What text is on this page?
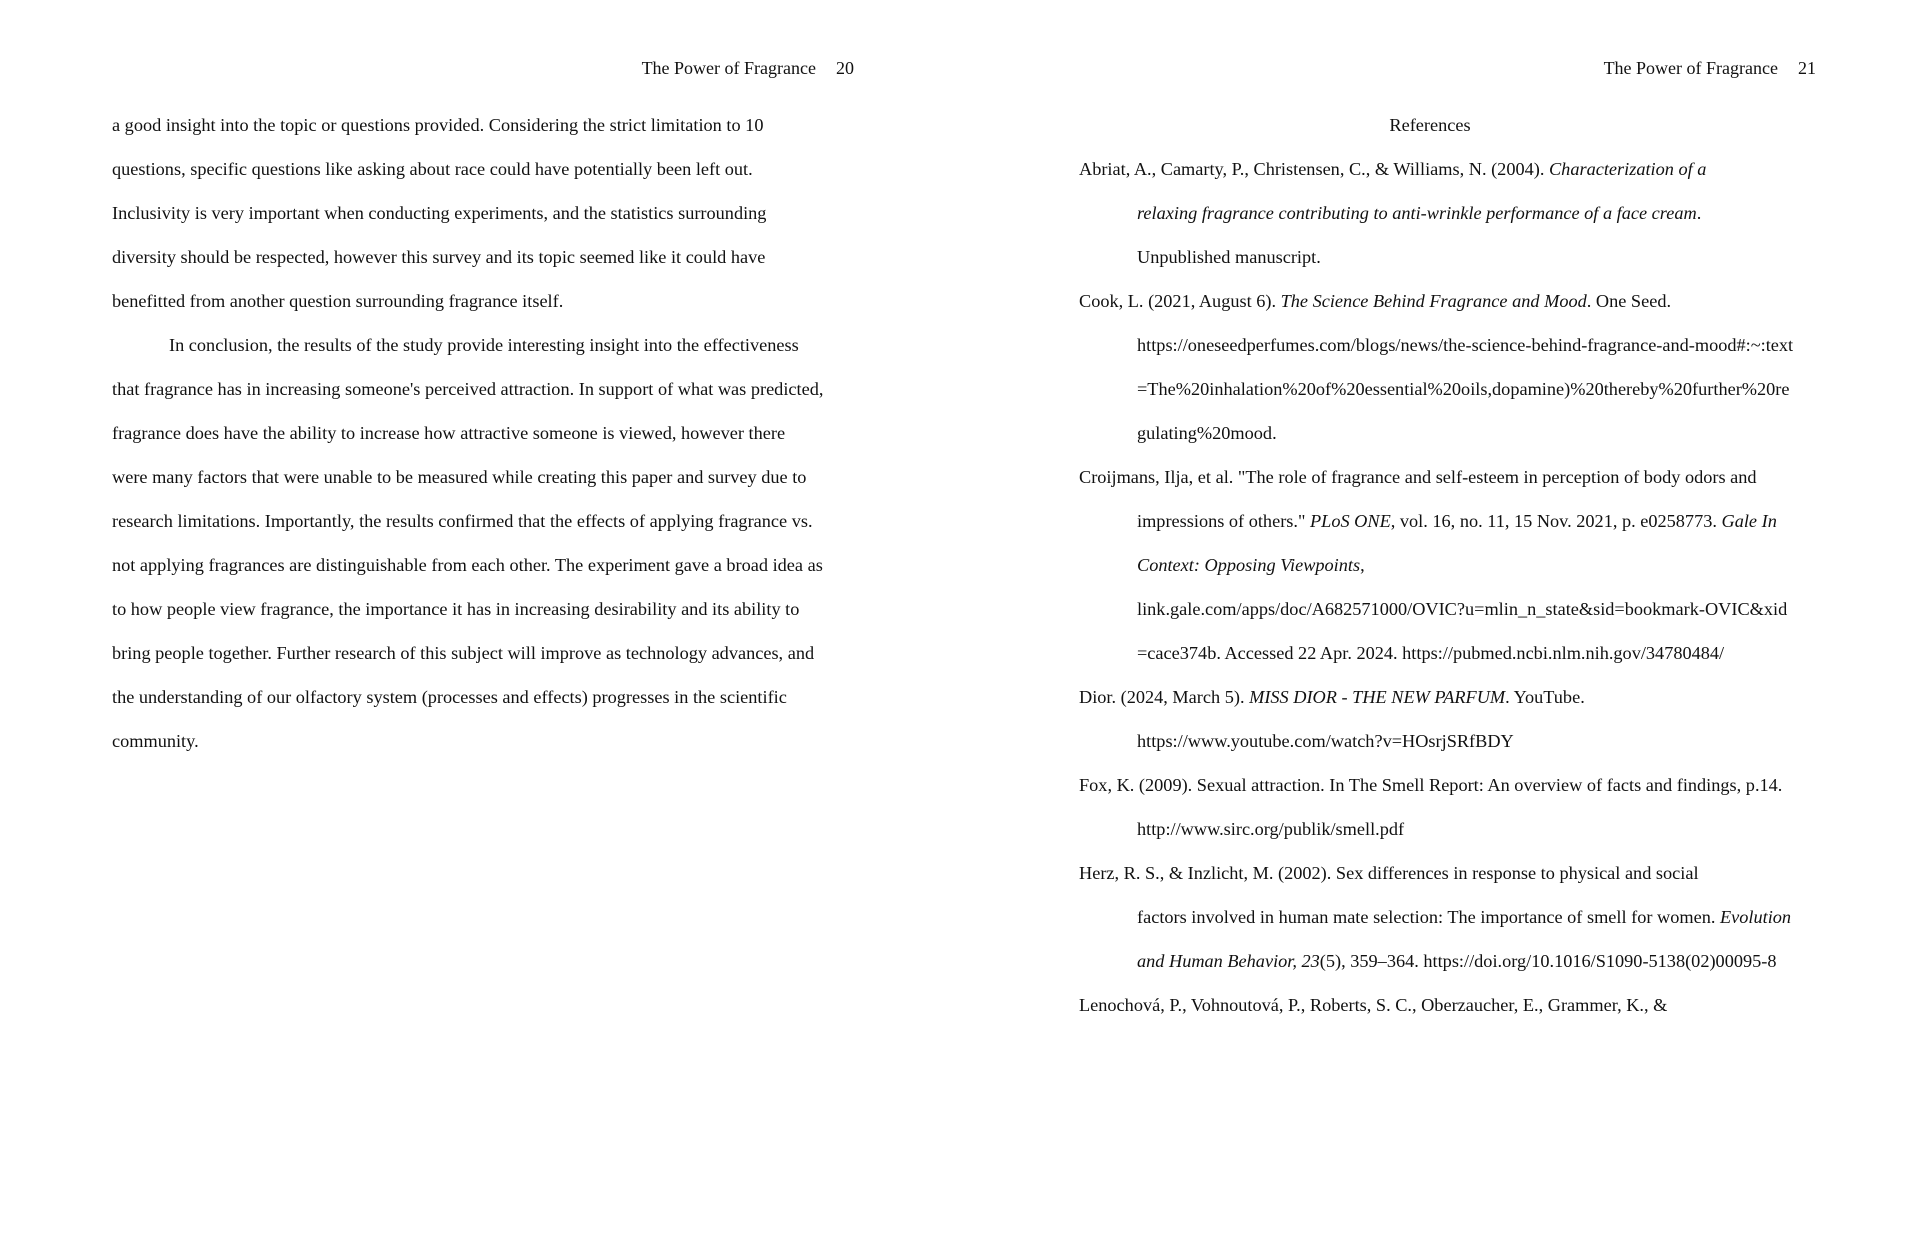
The Power of Fragrance 20
a good insight into the topic or questions provided. Considering the strict limitation to 10
questions, specific questions like asking about race could have potentially been left out.
Inclusivity is very important when conducting experiments, and the statistics surrounding
diversity should be respected, however this survey and its topic seemed like it could have
benefitted from another question surrounding fragrance itself.
In conclusion, the results of the study provide interesting insight into the effectiveness
that fragrance has in increasing someone's perceived attraction. In support of what was predicted,
fragrance does have the ability to increase how attractive someone is viewed, however there
were many factors that were unable to be measured while creating this paper and survey due to
research limitations. Importantly, the results confirmed that the effects of applying fragrance vs.
not applying fragrances are distinguishable from each other. The experiment gave a broad idea as
to how people view fragrance, the importance it has in increasing desirability and its ability to
bring people together. Further research of this subject will improve as technology advances, and
the understanding of our olfactory system (processes and effects) progresses in the scientific
community.
The Power of Fragrance 21
References
Abriat, A., Camarty, P., Christensen, C., & Williams, N. (2004). Characterization of a
relaxing fragrance contributing to anti-wrinkle performance of a face cream.
Unpublished manuscript.
Cook, L. (2021, August 6). The Science Behind Fragrance and Mood. One Seed.
https://oneseedperfumes.com/blogs/news/the-science-behind-fragrance-and-mood#:~:text
=The%20inhalation%20of%20essential%20oils,dopamine)%20thereby%20further%20re
gulating%20mood.
Croijmans, Ilja, et al. "The role of fragrance and self-esteem in perception of body odors and
impressions of others." PLoS ONE, vol. 16, no. 11, 15 Nov. 2021, p. e0258773. Gale In
Context: Opposing Viewpoints,
link.gale.com/apps/doc/A682571000/OVIC?u=mlin_n_state&sid=bookmark-OVIC&xid
=cace374b. Accessed 22 Apr. 2024. https://pubmed.ncbi.nlm.nih.gov/34780484/
Dior. (2024, March 5). MISS DIOR - THE NEW PARFUM. YouTube.
https://www.youtube.com/watch?v=HOsrjSRfBDY
Fox, K. (2009). Sexual attraction. In The Smell Report: An overview of facts and findings, p.14.
http://www.sirc.org/publik/smell.pdf
Herz, R. S., & Inzlicht, M. (2002). Sex differences in response to physical and social
factors involved in human mate selection: The importance of smell for women. Evolution
and Human Behavior, 23(5), 359–364. https://doi.org/10.1016/S1090-5138(02)00095-8
Lenochová, P., Vohnoutová, P., Roberts, S. C., Oberzaucher, E., Grammer, K., &
